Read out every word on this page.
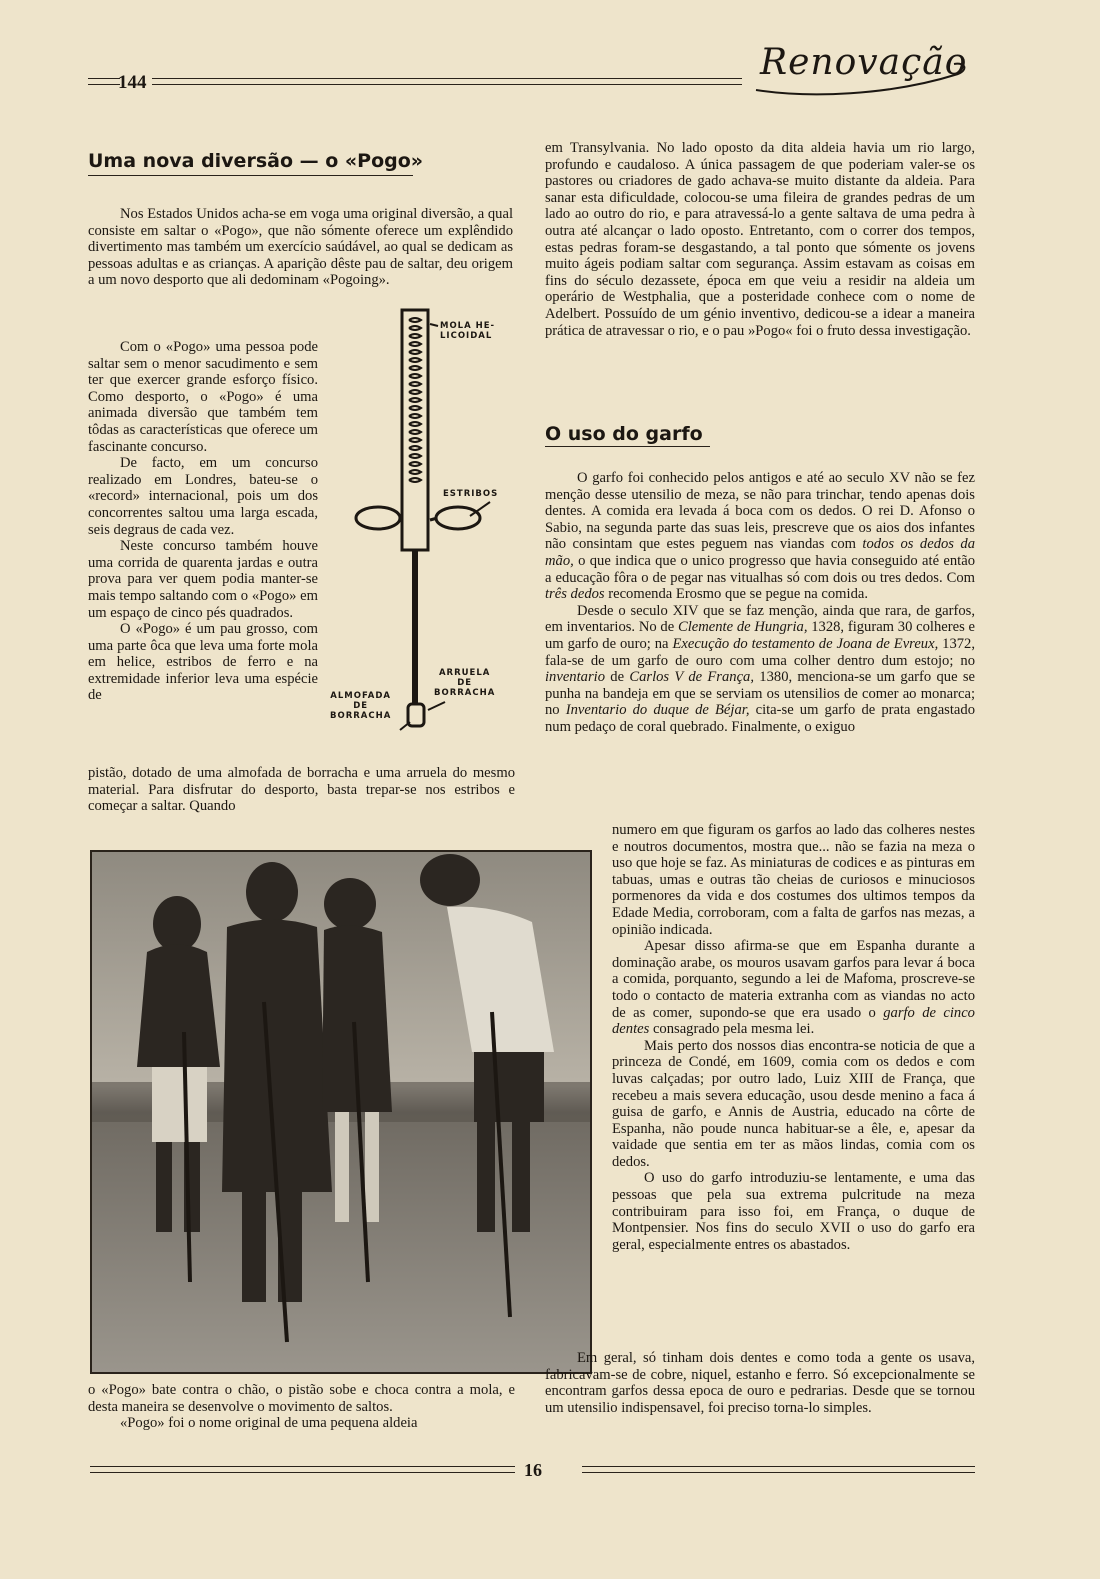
144	Renovação
Uma nova diversão — o «Pogo»

Nos Estados Unidos acha-se em voga uma original diversão, a qual consiste em saltar o «Pogo», que não sómente oferece um explêndido divertimento mas também um exercício saúdável, ao qual se dedicam as pessoas adultas e as crianças. A aparição dêste pau de saltar, deu origem a um novo desporto que ali dedominam «Pogoing».

Com o «Pogo» uma pessoa pode saltar sem o menor sacudimento e sem ter que exercer grande esforço físico. Como desporto, o «Pogo» é uma animada diversão que também tem tôdas as características que oferece um fascinante concurso.

De facto, em um concurso realizado em Londres, bateu-se o «record» internacional, pois um dos concorrentes saltou uma larga escada, seis degraus de cada vez.

Neste concurso também houve uma corrida de quarenta jardas e outra prova para ver quem podia manter-se mais tempo saltando com o «Pogo» em um espaço de cinco pés quadrados.

O «Pogo» é um pau grosso, com uma parte ôca que leva uma forte mola em helice, estribos de ferro e na extremidade inferior leva uma espécie de

MOLA HE-
LICOIDAL
ESTRIBOS
ARRUELA
DE
BORRACHA
ALMOFADA
DE
BORRACHA

pistão, dotado de uma almofada de borracha e uma arruela do mesmo material. Para disfrutar do desporto, basta trepar-se nos estribos e começar a saltar. Quando

o «Pogo» bate contra o chão, o pistão sobe e choca contra a mola, e desta maneira se desenvolve o movimento de saltos.

«Pogo» foi o nome original de uma pequena aldeia

em Transylvania. No lado oposto da dita aldeia havia um rio largo, profundo e caudaloso. A única passagem de que poderiam valer-se os pastores ou criadores de gado achava-se muito distante da aldeia. Para sanar esta dificuldade, colocou-se uma fileira de grandes pedras de um lado ao outro do rio, e para atravessá-lo a gente saltava de uma pedra à outra até alcançar o lado oposto. Entretanto, com o correr dos tempos, estas pedras foram-se desgastando, a tal ponto que sómente os jovens muito ágeis podiam saltar com segurança. Assim estavam as coisas em fins do século dezassete, época em que veiu a residir na aldeia um operário de Westphalia, que a posteridade conhece com o nome de Adelbert. Possuído de um génio inventivo, dedicou-se a idear a maneira prática de atravessar o rio, e o pau »Pogo« foi o fruto dessa investigação.

O uso do garfo

O garfo foi conhecido pelos antigos e até ao seculo XV não se fez menção desse utensilio de meza, se não para trinchar, tendo apenas dois dentes. A comida era levada á boca com os dedos. O rei D. Afonso o Sabio, na segunda parte das suas leis, prescreve que os aios dos infantes não consintam que estes peguem nas viandas com todos os dedos da mão, o que indica que o unico progresso que havia conseguido até então a educação fôra o de pegar nas vitualhas só com dois ou tres dedos. Com três dedos recomenda Erosmo que se pegue na comida.

Desde o seculo XIV que se faz menção, ainda que rara, de garfos, em inventarios. No de Clemente de Hungria, 1328, figuram 30 colheres e um garfo de ouro; na Execução do testamento de Joana de Evreux, 1372, fala-se de um garfo de ouro com uma colher dentro dum estojo; no inventario de Carlos V de França, 1380, menciona-se um garfo que se punha na bandeja em que se serviam os utensilios de comer ao monarca; no Inventario do duque de Béjar, cita-se um garfo de prata engastado num pedaço de coral quebrado. Finalmente, o exiguo

numero em que figuram os garfos ao lado das colheres nestes e noutros documentos, mostra que... não se fazia na meza o uso que hoje se faz. As miniaturas de codices e as pinturas em tabuas, umas e outras tão cheias de curiosos e minuciosos pormenores da vida e dos costumes dos ultimos tempos da Edade Media, corroboram, com a falta de garfos nas mezas, a opinião indicada.

Apesar disso afirma-se que em Espanha durante a dominação arabe, os mouros usavam garfos para levar á boca a comida, porquanto, segundo a lei de Mafoma, proscreve-se todo o contacto de materia extranha com as viandas no acto de as comer, supondo-se que era usado o garfo de cinco dentes consagrado pela mesma lei.

Mais perto dos nossos dias encontra-se noticia de que a princeza de Condé, em 1609, comia com os dedos e com luvas calçadas; por outro lado, Luiz XIII de França, que recebeu a mais severa educação, usou desde menino a faca á guisa de garfo, e Annis de Austria, educado na côrte de Espanha, não poude nunca habituar-se a êle, e, apesar da vaidade que sentia em ter as mãos lindas, comia com os dedos.

O uso do garfo introduziu-se lentamente, e uma das pessoas que pela sua extrema pulcritude na meza contribuiram para isso foi, em França, o duque de Montpensier. Nos fins do seculo XVII o uso do garfo era geral, especialmente entres os abastados.

Em geral, só tinham dois dentes e como toda a gente os usava, fabricavam-se de cobre, niquel, estanho e ferro. Só excepcionalmente se encontram garfos dessa epoca de ouro e pedrarias. Desde que se tornou um utensilio indispensavel, foi preciso torna-lo simples.

16
